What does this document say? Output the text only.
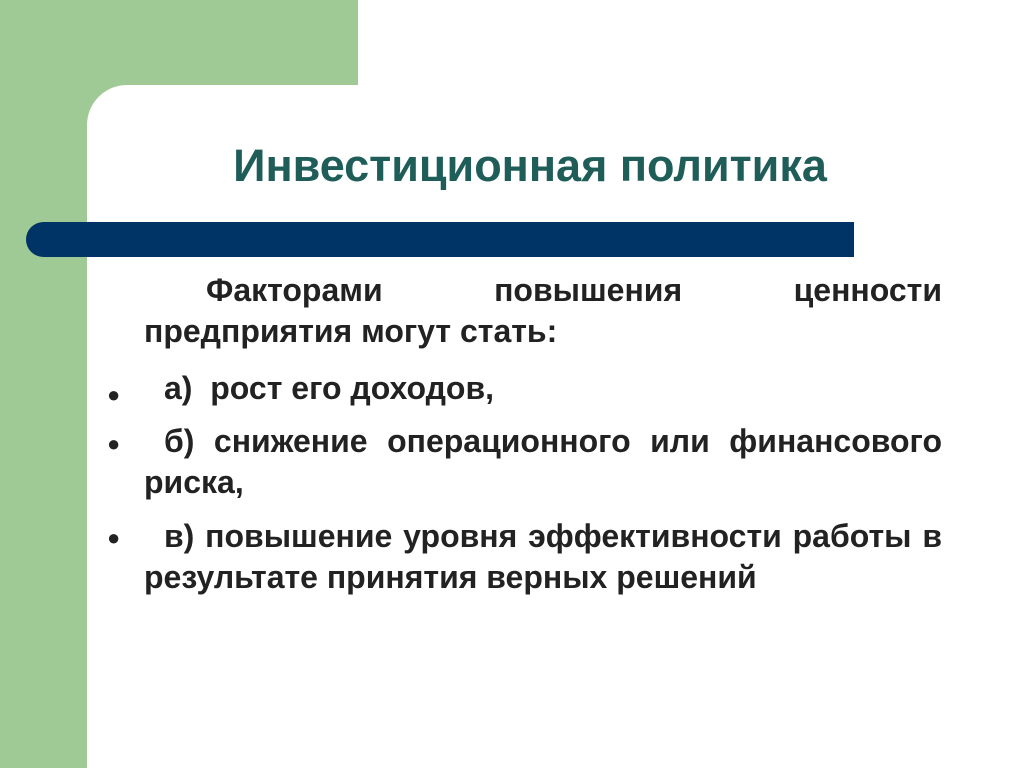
Инвестиционная политика
Факторами повышения ценности предприятия могут стать:
●	а)  рост его доходов,
●	б) снижение операционного или финансового риска,
●	в) повышение уровня эффективности работы в результате принятия верных решений
